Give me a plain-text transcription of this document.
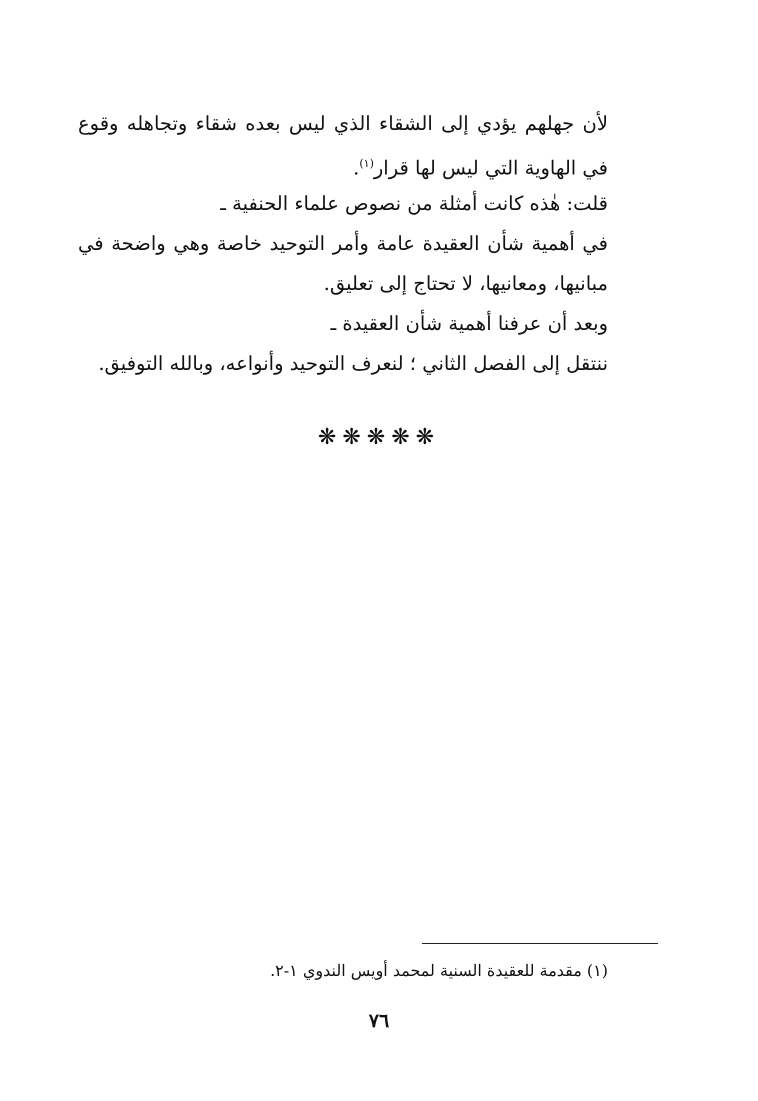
لأن جهلهم يؤدي إلى الشقاء الذي ليس بعده شقاء وتجاهله وقوع
في الهاوية التي ليس لها قرار$^{(١)}$.
قلت: هٰذه كانت أمثلة من نصوص علماء الحنفية ـ
في أهمية شأن العقيدة عامة وأمر التوحيد خاصة وهي واضحة في
مبانيها، ومعانيها، لا تحتاج إلى تعليق.
وبعد أن عرفنا أهمية شأن العقيدة ـ
ننتقل إلى الفصل الثاني ؛ لنعرف التوحيد وأنواعه، وبالله التوفيق.
❋❋❋❋❋
(١) مقدمة للعقيدة السنية لمحمد أويس الندوي ١-٢.
٧٦
